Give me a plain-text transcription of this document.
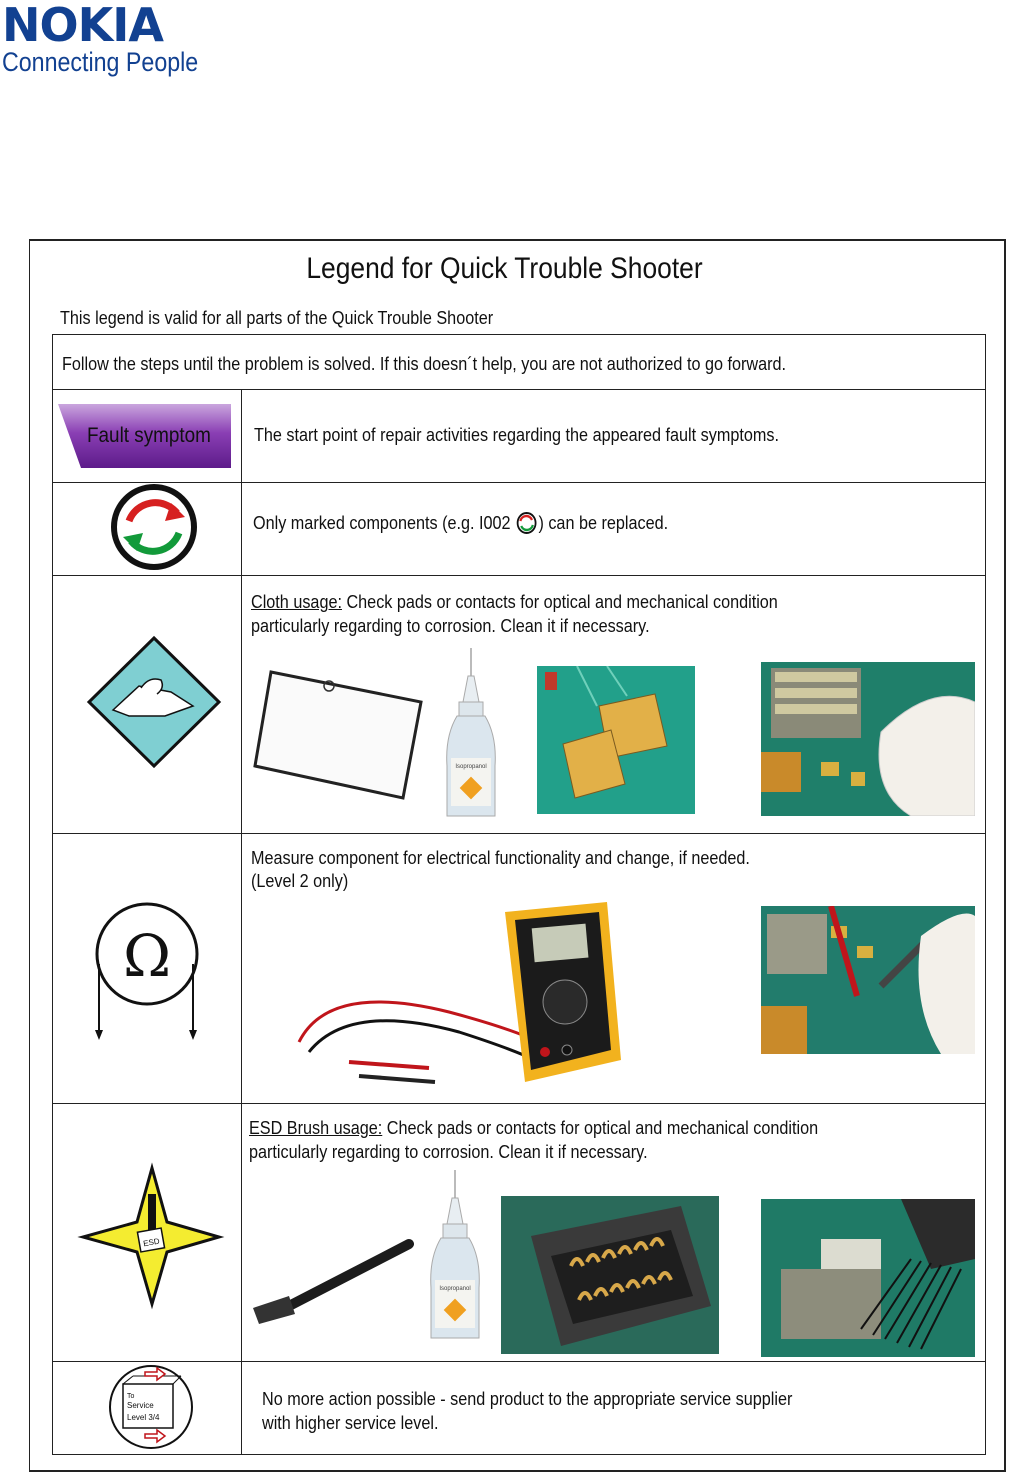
NOKIA
Connecting People
Legend for Quick Trouble Shooter
This legend is valid for all parts of the Quick Trouble Shooter
Follow the steps until the problem is solved. If this doesn´t help, you are not authorized to go forward.
Fault symptom The start point of repair activities regarding the appeared fault symptoms.
Only marked components (e.g. I002 ) can be replaced.
Cloth usage: Check pads or contacts for optical and mechanical condition
particularly regarding to corrosion. Clean it if necessary.
Isopropanol
Ω
Measure component for electrical functionality and change, if needed.
(Level 2 only)
ESD
ESD Brush usage: Check pads or contacts for optical and mechanical condition
particularly regarding to corrosion. Clean it if necessary.
Isopropanol
To
Service
Level 3/4
No more action possible - send product to the appropriate service supplier
with higher service level.
